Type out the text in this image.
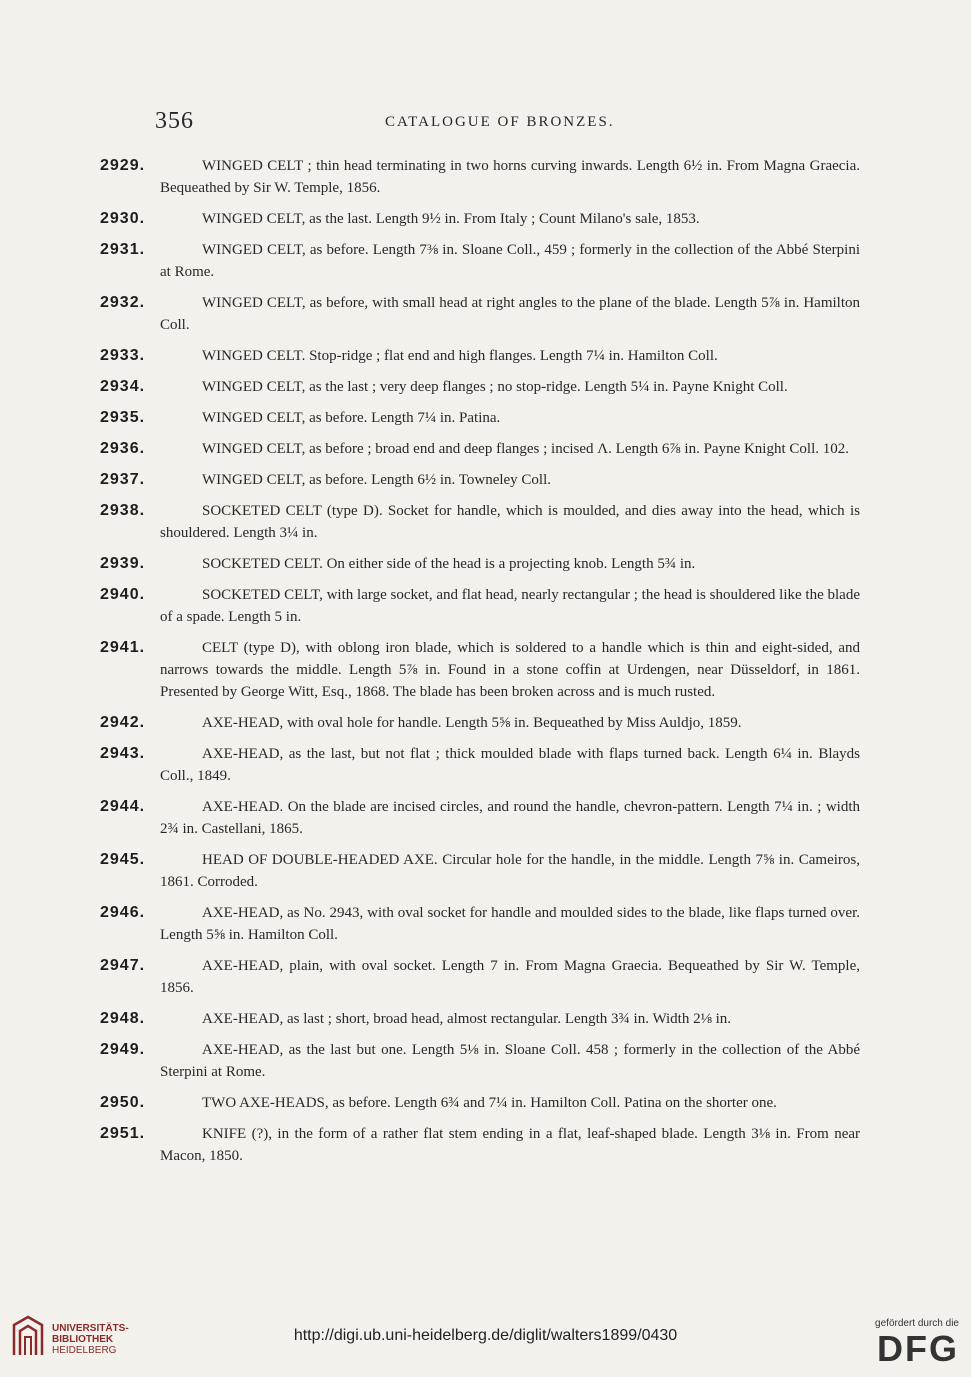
356	CATALOGUE OF BRONZES.
2929.	WINGED CELT ; thin head terminating in two horns curving inwards. Length 6½ in. From Magna Graecia. Bequeathed by Sir W. Temple, 1856.
2930.	WINGED CELT, as the last. Length 9½ in. From Italy ; Count Milano's sale, 1853.
2931.	WINGED CELT, as before. Length 7⅜ in. Sloane Coll., 459 ; formerly in the collection of the Abbé Sterpini at Rome.
2932.	WINGED CELT, as before, with small head at right angles to the plane of the blade. Length 5⅞ in. Hamilton Coll.
2933.	WINGED CELT. Stop-ridge ; flat end and high flanges. Length 7¼ in. Hamilton Coll.
2934.	WINGED CELT, as the last ; very deep flanges ; no stop-ridge. Length 5¼ in. Payne Knight Coll.
2935.	WINGED CELT, as before. Length 7¼ in. Patina.
2936.	WINGED CELT, as before ; broad end and deep flanges ; incised Λ. Length 6⅞ in. Payne Knight Coll. 102.
2937.	WINGED CELT, as before. Length 6½ in. Towneley Coll.
2938.	SOCKETED CELT (type D). Socket for handle, which is moulded, and dies away into the head, which is shouldered. Length 3¼ in.
2939.	SOCKETED CELT. On either side of the head is a projecting knob. Length 5¾ in.
2940.	SOCKETED CELT, with large socket, and flat head, nearly rectangular ; the head is shouldered like the blade of a spade. Length 5 in.
2941.	CELT (type D), with oblong iron blade, which is soldered to a handle which is thin and eight-sided, and narrows towards the middle. Length 5⅞ in. Found in a stone coffin at Urdengen, near Düsseldorf, in 1861. Presented by George Witt, Esq., 1868. The blade has been broken across and is much rusted.
2942.	AXE-HEAD, with oval hole for handle. Length 5⅝ in. Bequeathed by Miss Auldjo, 1859.
2943.	AXE-HEAD, as the last, but not flat ; thick moulded blade with flaps turned back. Length 6¼ in. Blayds Coll., 1849.
2944.	AXE-HEAD. On the blade are incised circles, and round the handle, chevron-pattern. Length 7¼ in. ; width 2¾ in. Castellani, 1865.
2945.	HEAD OF DOUBLE-HEADED AXE. Circular hole for the handle, in the middle. Length 7⅝ in. Cameiros, 1861. Corroded.
2946.	AXE-HEAD, as No. 2943, with oval socket for handle and moulded sides to the blade, like flaps turned over. Length 5⅝ in. Hamilton Coll.
2947.	AXE-HEAD, plain, with oval socket. Length 7 in. From Magna Graecia. Bequeathed by Sir W. Temple, 1856.
2948.	AXE-HEAD, as last ; short, broad head, almost rectangular. Length 3¾ in. Width 2⅛ in.
2949.	AXE-HEAD, as the last but one. Length 5⅛ in. Sloane Coll. 458 ; formerly in the collection of the Abbé Sterpini at Rome.
2950.	TWO AXE-HEADS, as before. Length 6¾ and 7¼ in. Hamilton Coll. Patina on the shorter one.
2951.	KNIFE (?), in the form of a rather flat stem ending in a flat, leaf-shaped blade. Length 3⅛ in. From near Macon, 1850.
UNIVERSITÄTS-
BIBLIOTHEK
HEIDELBERG
http://digi.ub.uni-heidelberg.de/diglit/walters1899/0430
gefördert durch die
DFG
